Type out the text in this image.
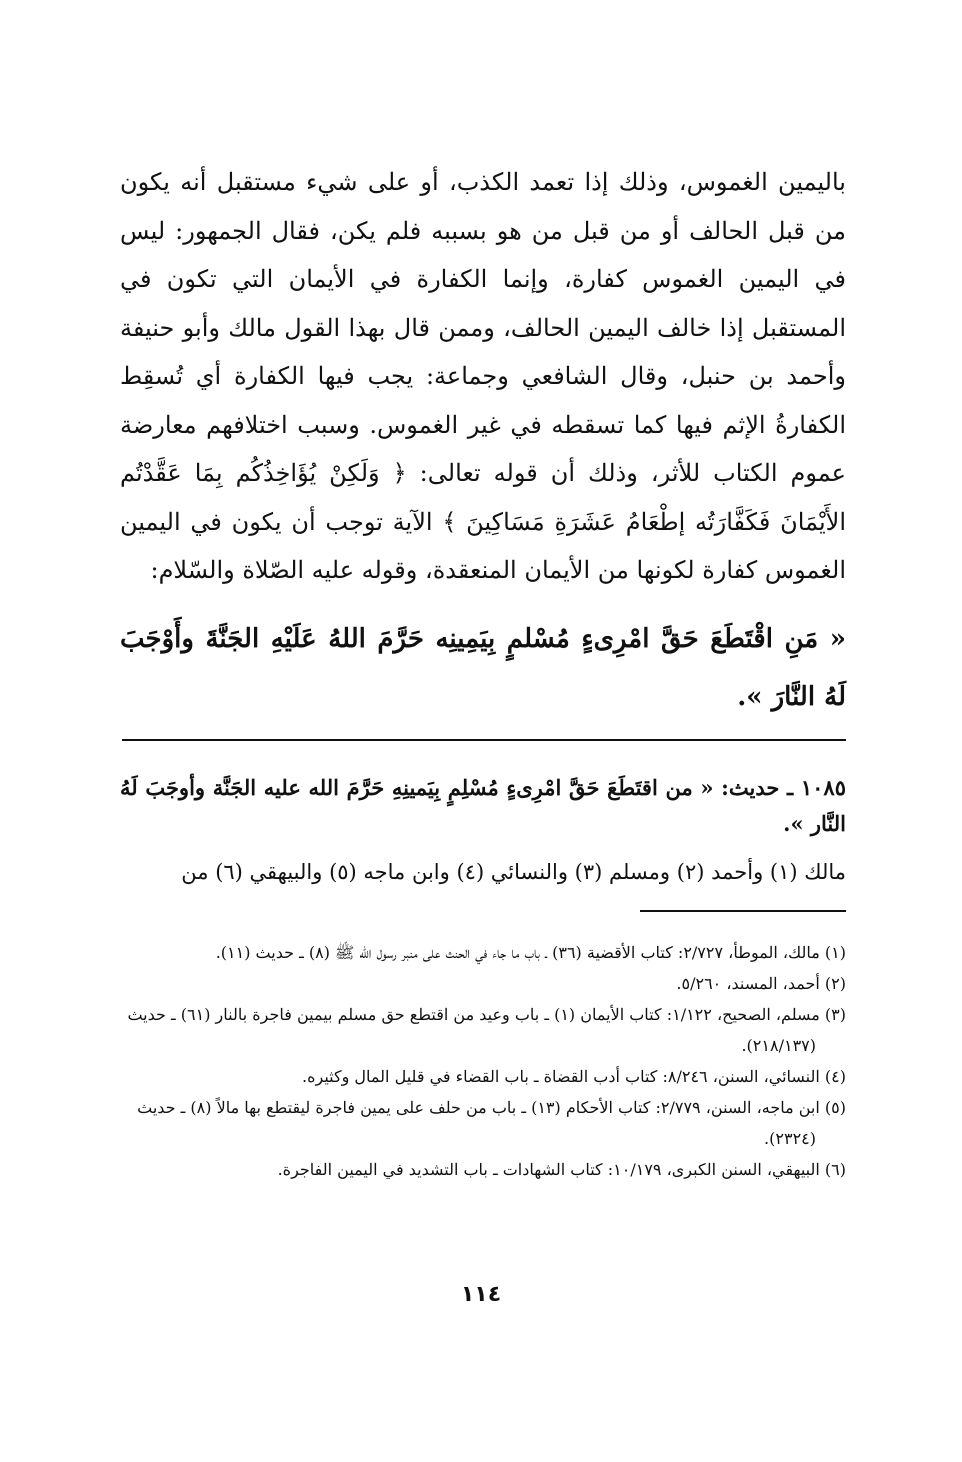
باليمين الغموس، وذلك إذا تعمد الكذب، أو على شيء مستقبل أنه يكون من قبل الحالف أو من قبل من هو بسببه فلم يكن، فقال الجمهور: ليس في اليمين الغموس كفارة، وإنما الكفارة في الأيمان التي تكون في المستقبل إذا خالف اليمين الحالف، وممن قال بهذا القول مالك وأبو حنيفة وأحمد بن حنبل، وقال الشافعي وجماعة: يجب فيها الكفارة أي تُسقِط الكفارةُ الإثم فيها كما تسقطه في غير الغموس. وسبب اختلافهم معارضة عموم الكتاب للأثر، وذلك أن قوله تعالى: ﴿ وَلَكِنْ يُؤَاخِذُكُم بِمَا عَقَّدْتُم الأَيْمَانَ فَكَفَّارَتُه إطْعَامُ عَشَرَةِ مَسَاكِينَ ﴾ الآية توجب أن يكون في اليمين الغموس كفارة لكونها من الأيمان المنعقدة، وقوله عليه الصّلاة والسّلام:

« مَنِ اقْتَطَعَ حَقَّ امْرِىءٍ مُسْلمٍ بِيَمِينِه حَرَّمَ اللهُ عَلَيْهِ الجَنَّةَ وأَوْجَبَ لَهُ النَّارَ ».

١٠٨٥ ـ حديث: « من اقتَطَعَ حَقَّ امْرِىءٍ مُسْلِمٍ بِيَمينِهِ حَرَّمَ الله عليه الجَنَّة وأوجَبَ لَهُ النَّار ».

مالك (١) وأحمد (٢) ومسلم (٣) والنسائي (٤) وابن ماجه (٥) والبيهقي (٦) من

(١) مالك، الموطأ، ٢/٧٢٧: كتاب الأقضية (٣٦) ـ باب ما جاء في الحنث على منبر رسول الله ﷺ (٨) ـ حديث (١١).

(٢) أحمد، المسند، ٥/٢٦٠.

(٣) مسلم، الصحيح، ١/١٢٢: كتاب الأيمان (١) ـ باب وعيد من اقتطع حق مسلم بيمين فاجرة بالنار (٦١) ـ حديث (٢١٨/١٣٧).

(٤) النسائي، السنن، ٨/٢٤٦: كتاب أدب القضاة ـ باب القضاء في قليل المال وكثيره.

(٥) ابن ماجه، السنن، ٢/٧٧٩: كتاب الأحكام (١٣) ـ باب من حلف على يمين فاجرة ليقتطع بها مالاً (٨) ـ حديث (٢٣٢٤).

(٦) البيهقي، السنن الكبرى، ١٠/١٧٩: كتاب الشهادات ـ باب التشديد في اليمين الفاجرة.

١١٤
